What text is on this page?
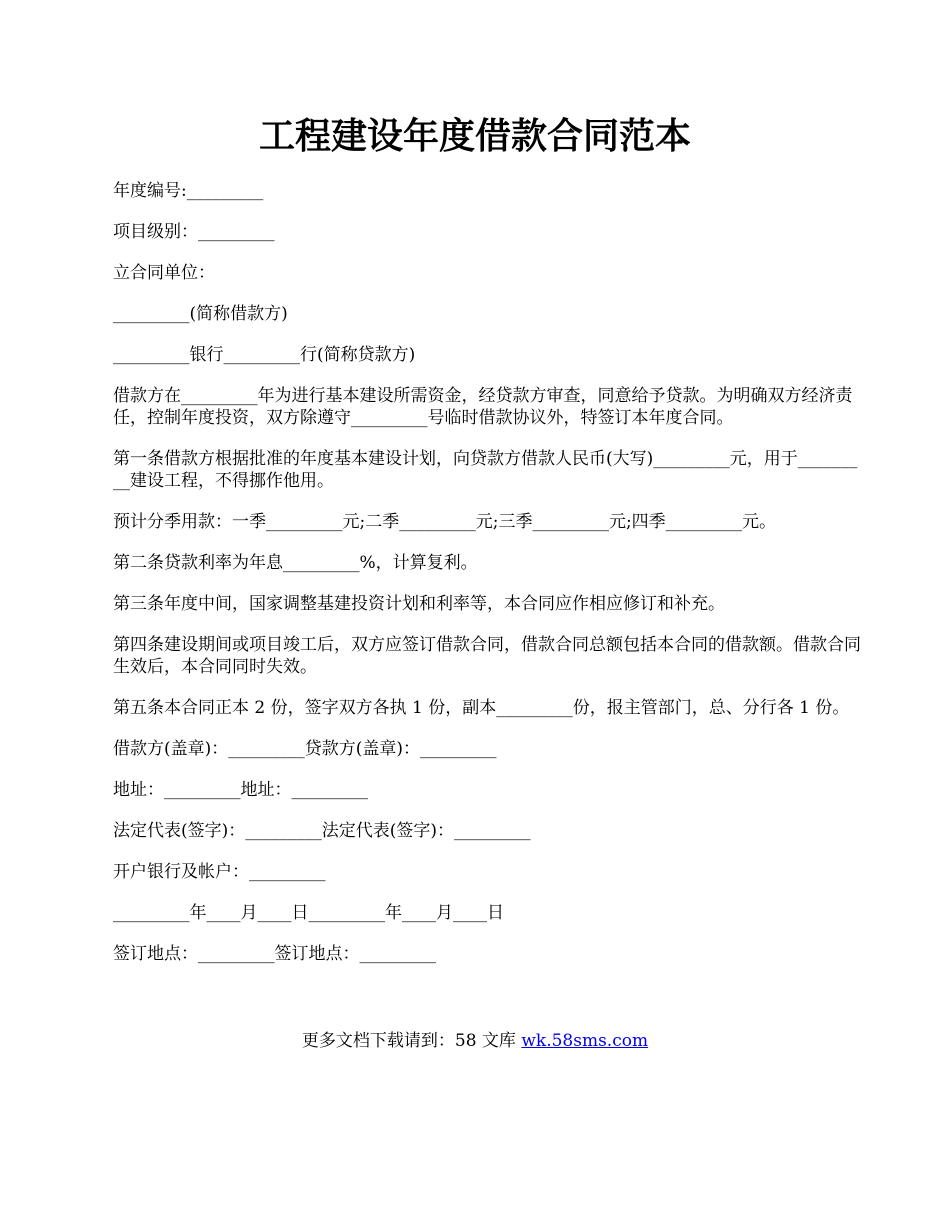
工程建设年度借款合同范本

年度编号:_________

项目级别：_________

立合同单位：

_________(简称借款方)

_________银行_________行(简称贷款方)

借款方在_________年为进行基本建设所需资金，经贷款方审查，同意给予贷款。为明确双方经济责任，控制年度投资，双方除遵守_________号临时借款协议外，特签订本年度合同。

第一条借款方根据批准的年度基本建设计划，向贷款方借款人民币(大写)_________元，用于_________建设工程，不得挪作他用。

预计分季用款：一季_________元;二季_________元;三季_________元;四季_________元。

第二条贷款利率为年息_________%，计算复利。

第三条年度中间，国家调整基建投资计划和利率等，本合同应作相应修订和补充。

第四条建设期间或项目竣工后，双方应签订借款合同，借款合同总额包括本合同的借款额。借款合同生效后，本合同同时失效。

第五条本合同正本 2 份，签字双方各执 1 份，副本_________份，报主管部门，总、分行各 1 份。

借款方(盖章)：_________贷款方(盖章)：_________

地址：_________地址：_________

法定代表(签字)：_________法定代表(签字)：_________

开户银行及帐户：_________

_________年____月____日_________年____月____日

签订地点：_________签订地点：_________

更多文档下载请到：58 文库 wk.58sms.com
